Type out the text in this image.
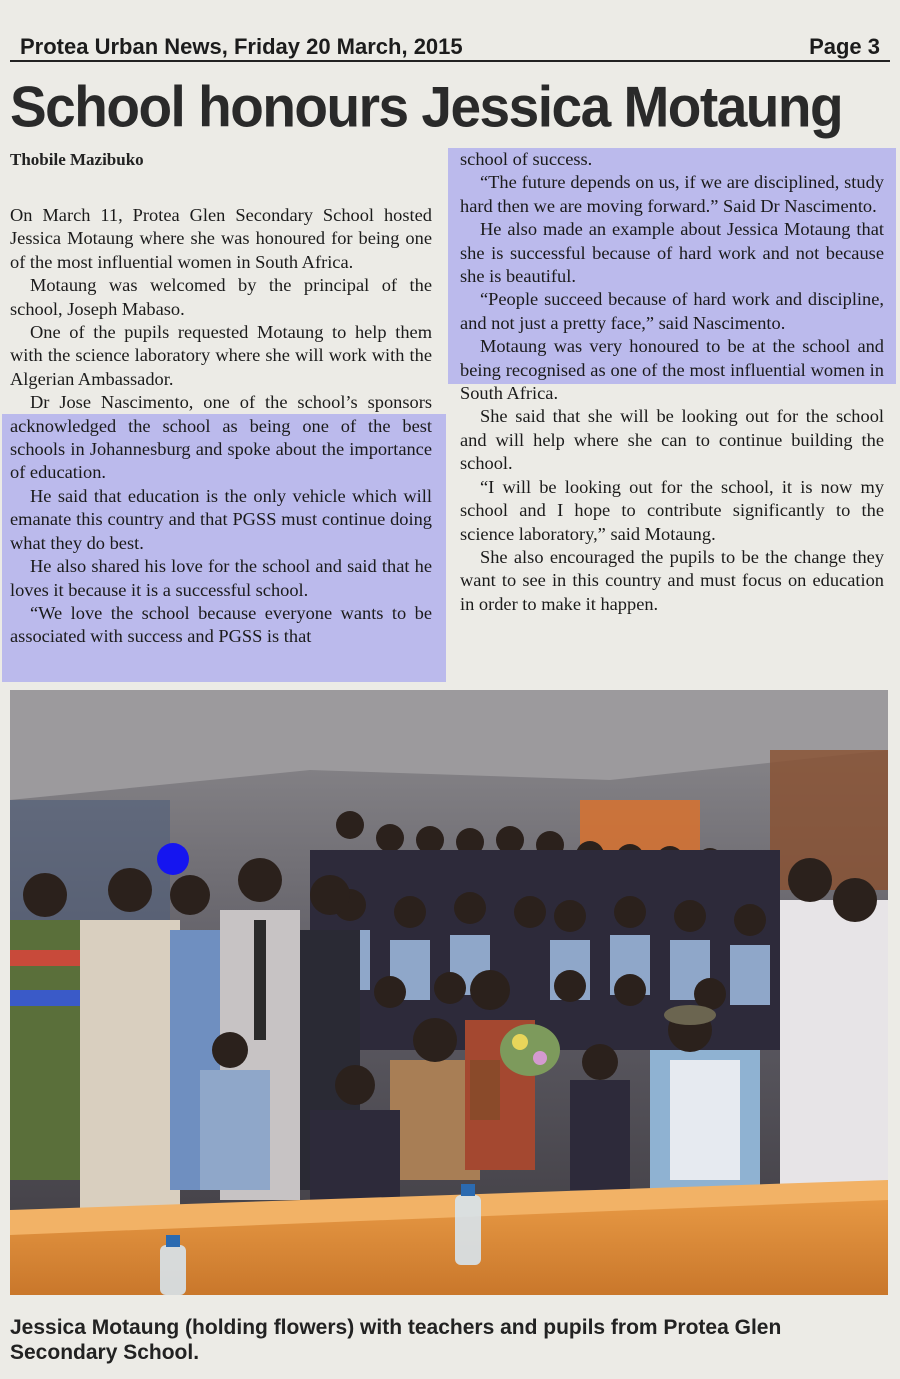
Protea Urban News, Friday 20 March, 2015	Page 3
School honours Jessica Motaung
Thobile Mazibuko

On March 11, Protea Glen Secondary School hosted Jessica Motaung where she was honoured for being one of the most influential women in South Africa.

Motaung was welcomed by the principal of the school, Joseph Mabaso.

One of the pupils requested Motaung to help them with the science laboratory where she will work with the Algerian Ambassador.

Dr Jose Nascimento, one of the school’s sponsors acknowledged the school as being one of the best schools in Johannesburg and spoke about the importance of education.

He said that education is the only vehicle which will emanate this country and that PGSS must continue doing what they do best.

He also shared his love for the school and said that he loves it because it is a successful school.

“We love the school because everyone wants to be associated with success and PGSS is that

school of success.

“The future depends on us, if we are disciplined, study hard then we are moving forward.” Said Dr Nascimento.

He also made an example about Jessica Motaung that she is successful because of hard work and not because she is beautiful.

“People succeed because of hard work and discipline, and not just a pretty face,” said Nascimento.

Motaung was very honoured to be at the school and being recognised as one of the most influential women in South Africa.

She said that she will be looking out for the school and will help where she can to continue building the school.

“I will be looking out for the school, it is now my school and I hope to contribute significantly to the science laboratory,” said Motaung.

She also encouraged the pupils to be the change they want to see in this country and must focus on education in order to make it happen.

Jessica Motaung (holding flowers) with teachers and pupils from Protea Glen Secondary School.
